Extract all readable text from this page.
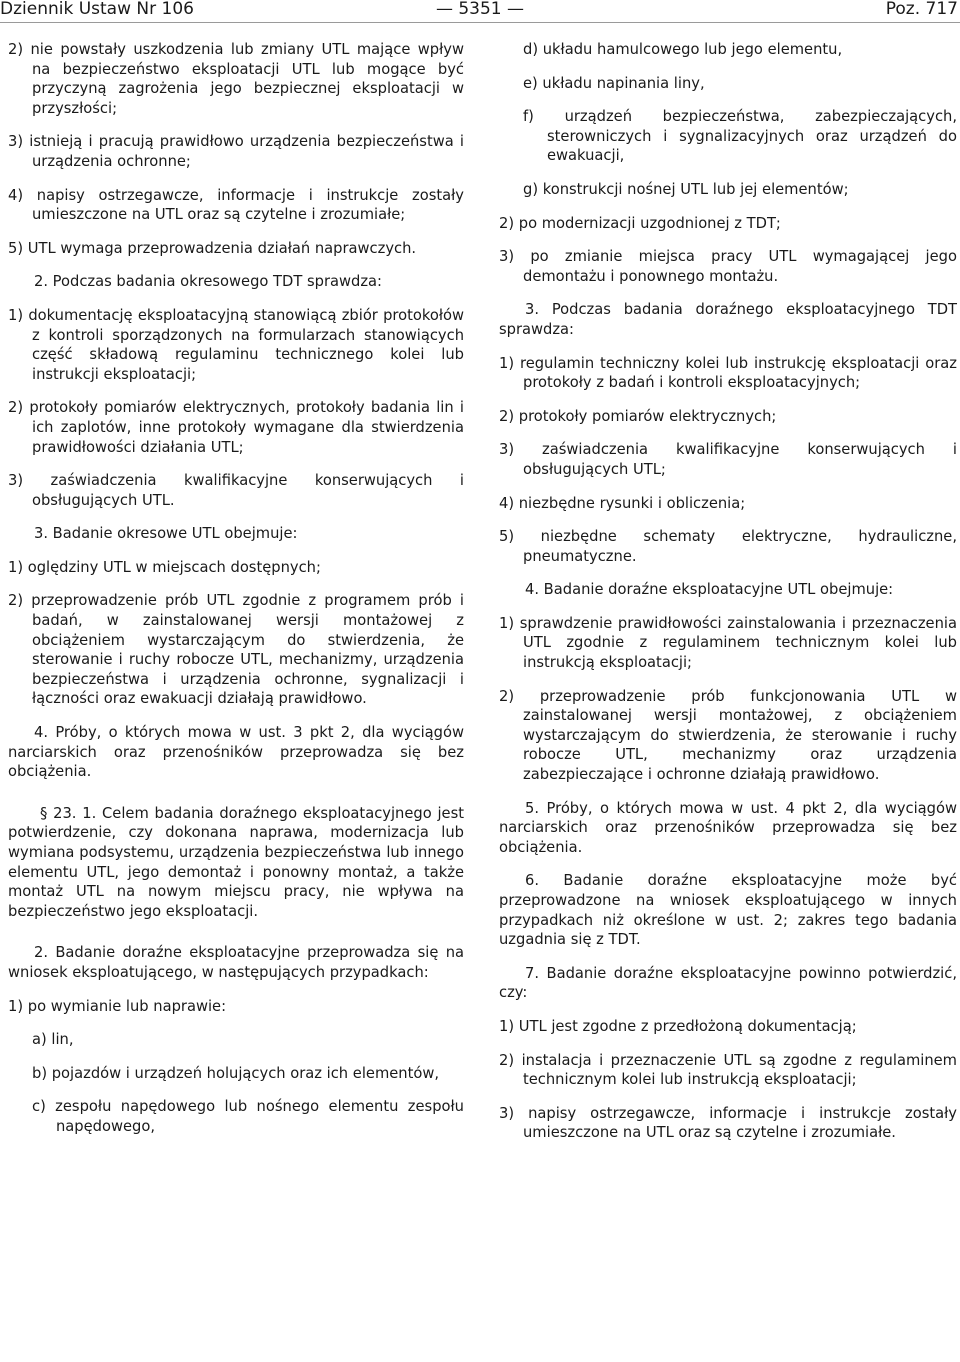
Dziennik Ustaw Nr 106	— 5351 —	Poz. 717
2) nie powstały uszkodzenia lub zmiany UTL mające wpływ na bezpieczeństwo eksploatacji UTL lub mogące być przyczyną zagrożenia jego bezpiecznej eksploatacji w przyszłości;
3) istnieją i pracują prawidłowo urządzenia bezpieczeństwa i urządzenia ochronne;
4) napisy ostrzegawcze, informacje i instrukcje zostały umieszczone na UTL oraz są czytelne i zrozumiałe;
5) UTL wymaga przeprowadzenia działań naprawczych.
2. Podczas badania okresowego TDT sprawdza:
1) dokumentację eksploatacyjną stanowiącą zbiór protokołów z kontroli sporządzonych na formularzach stanowiących część składową regulaminu technicznego kolei lub instrukcji eksploatacji;
2) protokoły pomiarów elektrycznych, protokoły badania lin i ich zaplotów, inne protokoły wymagane dla stwierdzenia prawidłowości działania UTL;
3) zaświadczenia kwalifikacyjne konserwujących i obsługujących UTL.
3. Badanie okresowe UTL obejmuje:
1) oględziny UTL w miejscach dostępnych;
2) przeprowadzenie prób UTL zgodnie z programem prób i badań, w zainstalowanej wersji montażowej z obciążeniem wystarczającym do stwierdzenia, że sterowanie i ruchy robocze UTL, mechanizmy, urządzenia bezpieczeństwa i urządzenia ochronne, sygnalizacji i łączności oraz ewakuacji działają prawidłowo.
4. Próby, o których mowa w ust. 3 pkt 2, dla wyciągów narciarskich oraz przenośników przeprowadza się bez obciążenia.
§ 23. 1. Celem badania doraźnego eksploatacyjnego jest potwierdzenie, czy dokonana naprawa, modernizacja lub wymiana podsystemu, urządzenia bezpieczeństwa lub innego elementu UTL, jego demontaż i ponowny montaż, a także montaż UTL na nowym miejscu pracy, nie wpływa na bezpieczeństwo jego eksploatacji.
2. Badanie doraźne eksploatacyjne przeprowadza się na wniosek eksploatującego, w następujących przypadkach:
1) po wymianie lub naprawie:
a) lin,
b) pojazdów i urządzeń holujących oraz ich elementów,
c) zespołu napędowego lub nośnego elementu zespołu napędowego,
d) układu hamulcowego lub jego elementu,
e) układu napinania liny,
f) urządzeń bezpieczeństwa, zabezpieczających, sterowniczych i sygnalizacyjnych oraz urządzeń do ewakuacji,
g) konstrukcji nośnej UTL lub jej elementów;
2) po modernizacji uzgodnionej z TDT;
3) po zmianie miejsca pracy UTL wymagającej jego demontażu i ponownego montażu.
3. Podczas badania doraźnego eksploatacyjnego TDT sprawdza:
1) regulamin techniczny kolei lub instrukcję eksploatacji oraz protokoły z badań i kontroli eksploatacyjnych;
2) protokoły pomiarów elektrycznych;
3) zaświadczenia kwalifikacyjne konserwujących i obsługujących UTL;
4) niezbędne rysunki i obliczenia;
5) niezbędne schematy elektryczne, hydrauliczne, pneumatyczne.
4. Badanie doraźne eksploatacyjne UTL obejmuje:
1) sprawdzenie prawidłowości zainstalowania i przeznaczenia UTL zgodnie z regulaminem technicznym kolei lub instrukcją eksploatacji;
2) przeprowadzenie prób funkcjonowania UTL w zainstalowanej wersji montażowej, z obciążeniem wystarczającym do stwierdzenia, że sterowanie i ruchy robocze UTL, mechanizmy oraz urządzenia zabezpieczające i ochronne działają prawidłowo.
5. Próby, o których mowa w ust. 4 pkt 2, dla wyciągów narciarskich oraz przenośników przeprowadza się bez obciążenia.
6. Badanie doraźne eksploatacyjne może być przeprowadzone na wniosek eksploatującego w innych przypadkach niż określone w ust. 2; zakres tego badania uzgadnia się z TDT.
7. Badanie doraźne eksploatacyjne powinno potwierdzić, czy:
1) UTL jest zgodne z przedłożoną dokumentacją;
2) instalacja i przeznaczenie UTL są zgodne z regulaminem technicznym kolei lub instrukcją eksploatacji;
3) napisy ostrzegawcze, informacje i instrukcje zostały umieszczone na UTL oraz są czytelne i zrozumiałe.
